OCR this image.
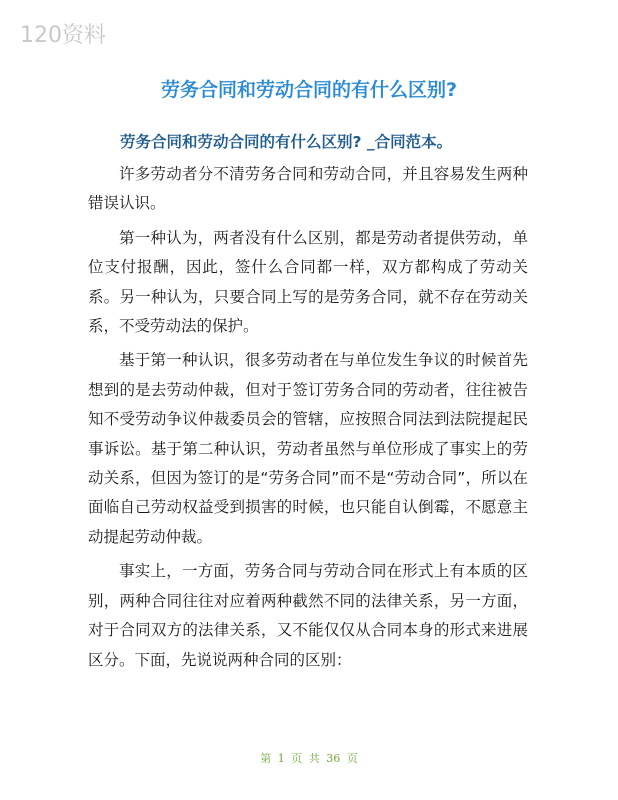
120资料
劳务合同和劳动合同的有什么区别?
劳务合同和劳动合同的有什么区别? _合同范本。

许多劳动者分不清劳务合同和劳动合同，并且容易发生两种错误认识。

第一种认为，两者没有什么区别，都是劳动者提供劳动，单位支付报酬，因此，签什么合同都一样，双方都构成了劳动关系。另一种认为，只要合同上写的是劳务合同，就不存在劳动关系，不受劳动法的保护。

基于第一种认识，很多劳动者在与单位发生争议的时候首先想到的是去劳动仲裁，但对于签订劳务合同的劳动者，往往被告知不受劳动争议仲裁委员会的管辖，应按照合同法到法院提起民事诉讼。基于第二种认识，劳动者虽然与单位形成了事实上的劳动关系，但因为签订的是“劳务合同”而不是“劳动合同”，所以在面临自己劳动权益受到损害的时候，也只能自认倒霉，不愿意主动提起劳动仲裁。

事实上，一方面，劳务合同与劳动合同在形式上有本质的区别，两种合同往往对应着两种截然不同的法律关系，另一方面，对于合同双方的法律关系，又不能仅仅从合同本身的形式来进展区分。下面，先说说两种合同的区别：

第 1 页 共 36 页
